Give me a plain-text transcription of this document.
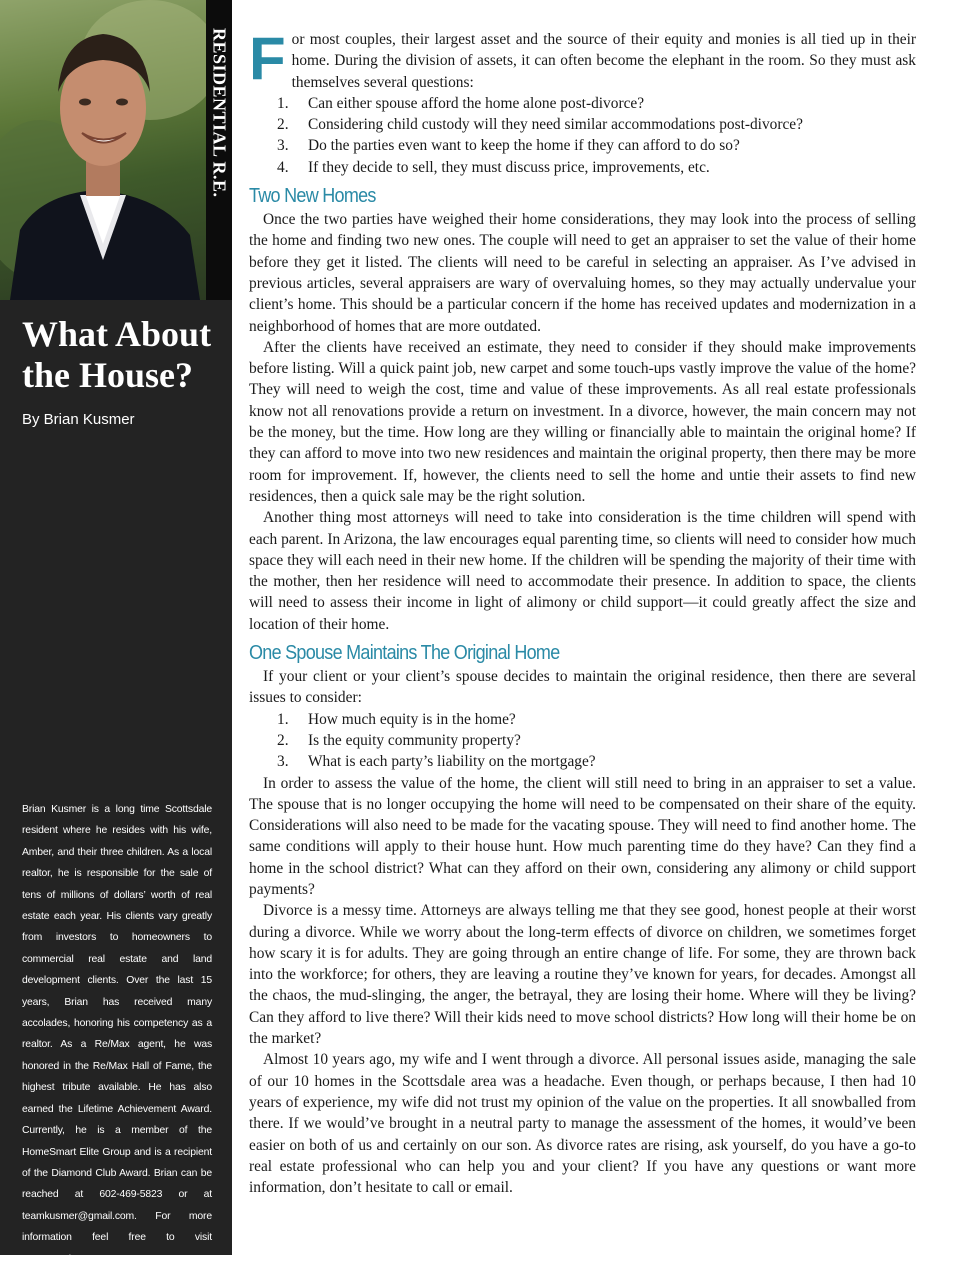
RESIDENTIAL R.E.
What About the House?
By Brian Kusmer
Brian Kusmer is a long time Scottsdale resident where he resides with his wife, Amber, and their three children. As a local realtor, he is responsible for the sale of tens of millions of dollars’ worth of real estate each year. His clients vary greatly from investors to homeowners to commercial real estate and land development clients. Over the last 15 years, Brian has received many accolades, honoring his competency as a realtor. As a Re/Max agent, he was honored in the Re/Max Hall of Fame, the highest tribute available. He has also earned the Lifetime Achievement Award. Currently, he is a member of the HomeSmart Elite Group and is a recipient of the Diamond Club Award. Brian can be reached at 602-469-5823 or at teamkusmer@gmail.com. For more information feel free to visit www.teamkusmer.com.

For most couples, their largest asset and the source of their equity and monies is all tied up in their home. During the division of assets, it can often become the elephant in the room. So they must ask themselves several questions:

1. Can either spouse afford the home alone post-divorce?
2. Considering child custody will they need similar accommodations post-divorce?
3. Do the parties even want to keep the home if they can afford to do so?
4. If they decide to sell, they must discuss price, improvements, etc.
Two New Homes

Once the two parties have weighed their home considerations, they may look into the process of selling the home and finding two new ones. The couple will need to get an appraiser to set the value of their home before they get it listed. The clients will need to be careful in selecting an appraiser. As I’ve advised in previous articles, several appraisers are wary of overvaluing homes, so they may actually undervalue your client’s home. This should be a particular concern if the home has received updates and modernization in a neighborhood of homes that are more outdated.

After the clients have received an estimate, they need to consider if they should make improvements before listing. Will a quick paint job, new carpet and some touch-ups vastly improve the value of the home? They will need to weigh the cost, time and value of these improvements. As all real estate professionals know not all renovations provide a return on investment. In a divorce, however, the main concern may not be the money, but the time. How long are they willing or financially able to maintain the original home? If they can afford to move into two new residences and maintain the original property, then there may be more room for improvement. If, however, the clients need to sell the home and untie their assets to find new residences, then a quick sale may be the right solution.

Another thing most attorneys will need to take into consideration is the time children will spend with each parent. In Arizona, the law encourages equal parenting time, so clients will need to consider how much space they will each need in their new home. If the children will be spending the majority of their time with the mother, then her residence will need to accommodate their presence. In addition to space, the clients will need to assess their income in light of alimony or child support—it could greatly affect the size and location of their home.

One Spouse Maintains The Original Home

If your client or your client’s spouse decides to maintain the original residence, then there are several issues to consider:

1. How much equity is in the home?
2. Is the equity community property?
3. What is each party’s liability on the mortgage?

In order to assess the value of the home, the client will still need to bring in an appraiser to set a value. The spouse that is no longer occupying the home will need to be compensated on their share of the equity. Considerations will also need to be made for the vacating spouse. They will need to find another home. The same conditions will apply to their house hunt. How much parenting time do they have? Can they find a home in the school district? What can they afford on their own, considering any alimony or child support payments?

Divorce is a messy time. Attorneys are always telling me that they see good, honest people at their worst during a divorce. While we worry about the long-term effects of divorce on children, we sometimes forget how scary it is for adults. They are going through an entire change of life. For some, they are thrown back into the workforce; for others, they are leaving a routine they’ve known for years, for decades. Amongst all the chaos, the mud-slinging, the anger, the betrayal, they are losing their home. Where will they be living? Can they afford to live there? Will their kids need to move school districts? How long will their home be on the market?

Almost 10 years ago, my wife and I went through a divorce. All personal issues aside, managing the sale of our 10 homes in the Scottsdale area was a headache. Even though, or perhaps because, I then had 10 years of experience, my wife did not trust my opinion of the value on the properties. It all snowballed from there. If we would’ve brought in a neutral party to manage the assessment of the homes, it would’ve been easier on both of us and certainly on our son. As divorce rates are rising, ask yourself, do you have a go-to real estate professional who can help you and your client? If you have any questions or want more information, don’t hesitate to call or email.
